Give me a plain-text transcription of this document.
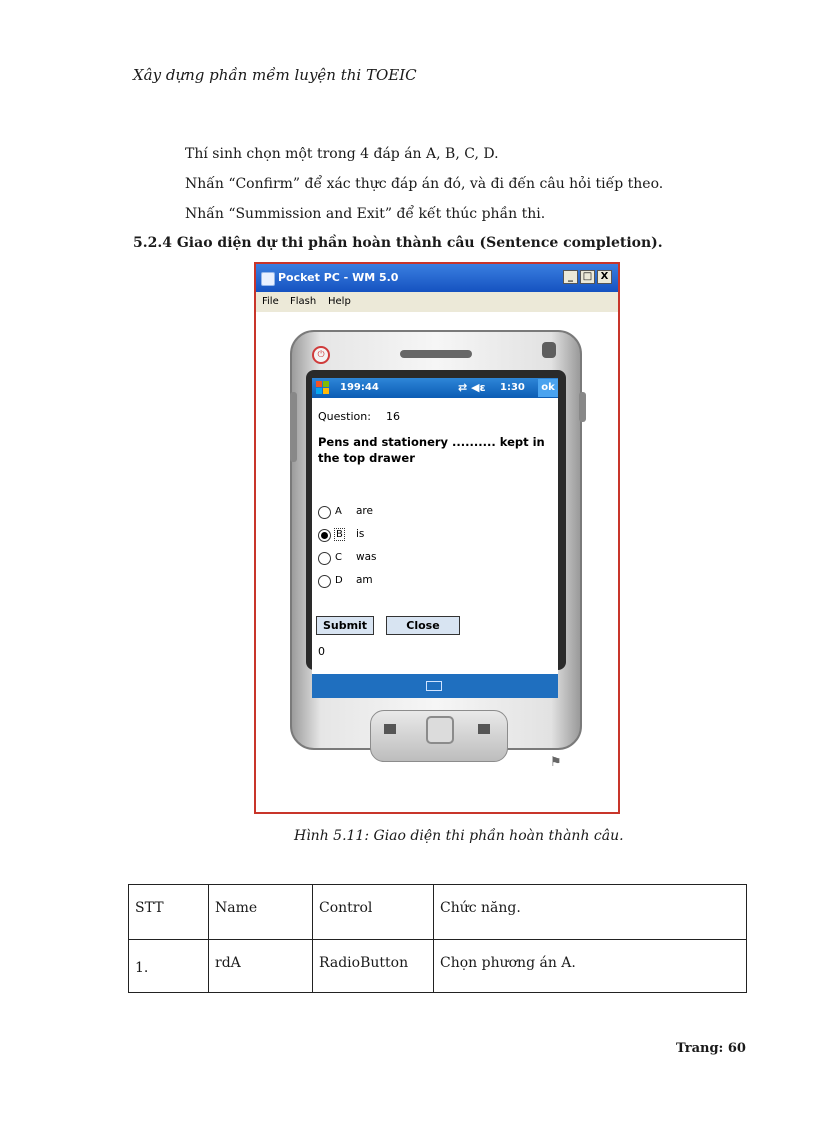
Xây dựng phần mềm luyện thi TOEIC
Thí sinh chọn một trong 4 đáp án A, B, C, D.
Nhấn “Confirm” để xác thực đáp án đó, và đi đến câu hỏi tiếp theo.
Nhấn “Summission and Exit” để kết thúc phần thi.
5.2.4 Giao diện dự thi phần hoàn thành câu (Sentence completion).
Pocket PC - WM 5.0	_ □ X
File Flash Help
⏻
199:44	⇄ ◀ε 1:30	ok
Question: 16
Pens and stationery .......... kept in the top drawer
A are
B is
C was
D am
Submit	Close
0
⚑
Hình 5.11: Giao diện thi phần hoàn thành câu.
STT	Name	Control	Chức năng.
1.	rdA	RadioButton	Chọn phương án A.
Trang: 60
